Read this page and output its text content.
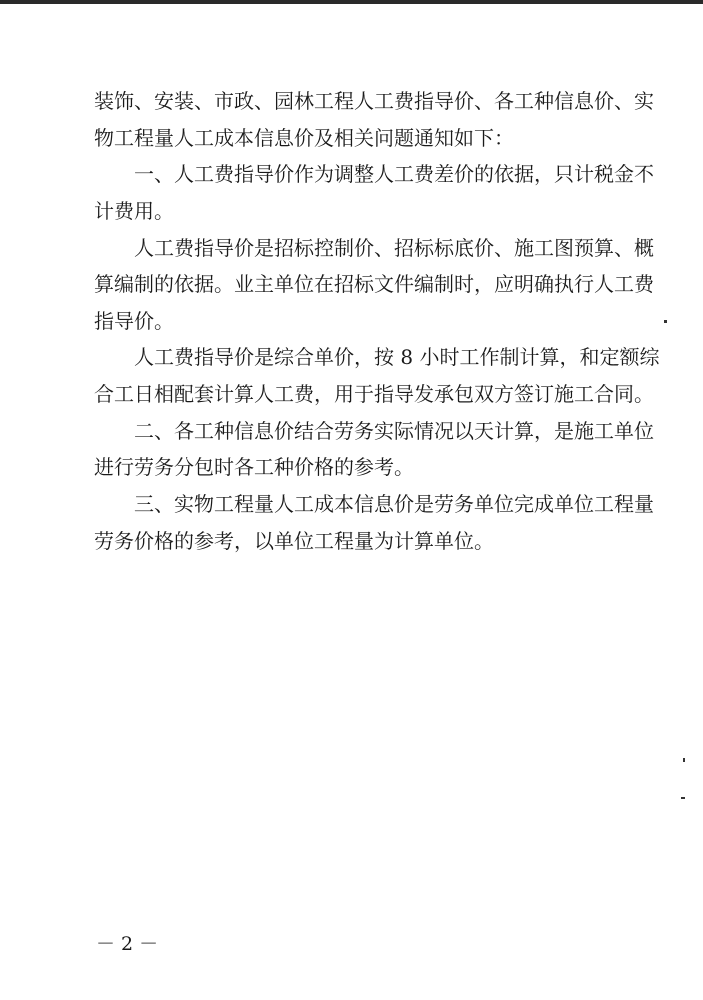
装饰、安装、市政、园林工程人工费指导价、各工种信息价、实
物工程量人工成本信息价及相关问题通知如下：
一、人工费指导价作为调整人工费差价的依据，只计税金不
计费用。
人工费指导价是招标控制价、招标标底价、施工图预算、概
算编制的依据。业主单位在招标文件编制时，应明确执行人工费
指导价。
人工费指导价是综合单价，按 8 小时工作制计算，和定额综
合工日相配套计算人工费，用于指导发承包双方签订施工合同。
二、各工种信息价结合劳务实际情况以天计算，是施工单位
进行劳务分包时各工种价格的参考。
三、实物工程量人工成本信息价是劳务单位完成单位工程量
劳务价格的参考，以单位工程量为计算单位。
－ 2 －
